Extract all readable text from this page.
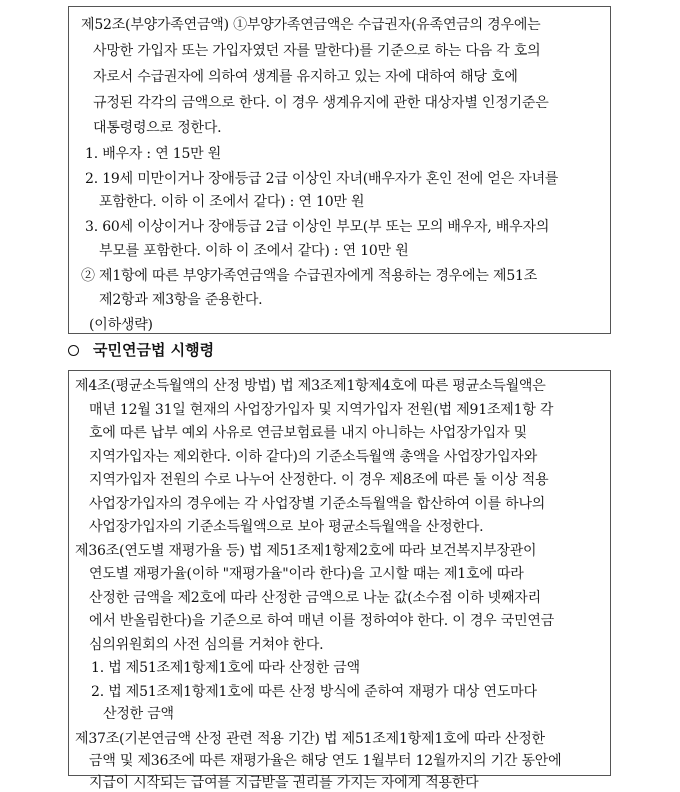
제52조(부양가족연금액) ①부양가족연금액은 수급권자(유족연금의 경우에는
사망한 가입자 또는 가입자였던 자를 말한다)를 기준으로 하는 다음 각 호의
자로서 수급권자에 의하여 생계를 유지하고 있는 자에 대하여 해당 호에
규정된 각각의 금액으로 한다. 이 경우 생계유지에 관한 대상자별 인정기준은
대통령령으로 정한다.
1. 배우자 : 연 15만 원
2. 19세 미만이거나 장애등급 2급 이상인 자녀(배우자가 혼인 전에 얻은 자녀를
포함한다. 이하 이 조에서 같다) : 연 10만 원
3. 60세 이상이거나 장애등급 2급 이상인 부모(부 또는 모의 배우자, 배우자의
부모를 포함한다. 이하 이 조에서 같다) : 연 10만 원
② 제1항에 따른 부양가족연금액을 수급권자에게 적용하는 경우에는 제51조
제2항과 제3항을 준용한다.
(이하생략)
국민연금법 시행령
제4조(평균소득월액의 산정 방법) 법 제3조제1항제4호에 따른 평균소득월액은
매년 12월 31일 현재의 사업장가입자 및 지역가입자 전원(법 제91조제1항 각
호에 따른 납부 예외 사유로 연금보험료를 내지 아니하는 사업장가입자 및
지역가입자는 제외한다. 이하 같다)의 기준소득월액 총액을 사업장가입자와
지역가입자 전원의 수로 나누어 산정한다. 이 경우 제8조에 따른 둘 이상 적용
사업장가입자의 경우에는 각 사업장별 기준소득월액을 합산하여 이를 하나의
사업장가입자의 기준소득월액으로 보아 평균소득월액을 산정한다.
제36조(연도별 재평가율 등) 법 제51조제1항제2호에 따라 보건복지부장관이
연도별 재평가율(이하 "재평가율"이라 한다)을 고시할 때는 제1호에 따라
산정한 금액을 제2호에 따라 산정한 금액으로 나눈 값(소수점 이하 넷째자리
에서 반올림한다)을 기준으로 하여 매년 이를 정하여야 한다. 이 경우 국민연금
심의위원회의 사전 심의를 거쳐야 한다.
1. 법 제51조제1항제1호에 따라 산정한 금액
2. 법 제51조제1항제1호에 따른 산정 방식에 준하여 재평가 대상 연도마다
산정한 금액
제37조(기본연금액 산정 관련 적용 기간) 법 제51조제1항제1호에 따라 산정한
금액 및 제36조에 따른 재평가율은 해당 연도 1월부터 12월까지의 기간 동안에
지급이 시작되는 급여를 지급받을 권리를 가지는 자에게 적용한다
